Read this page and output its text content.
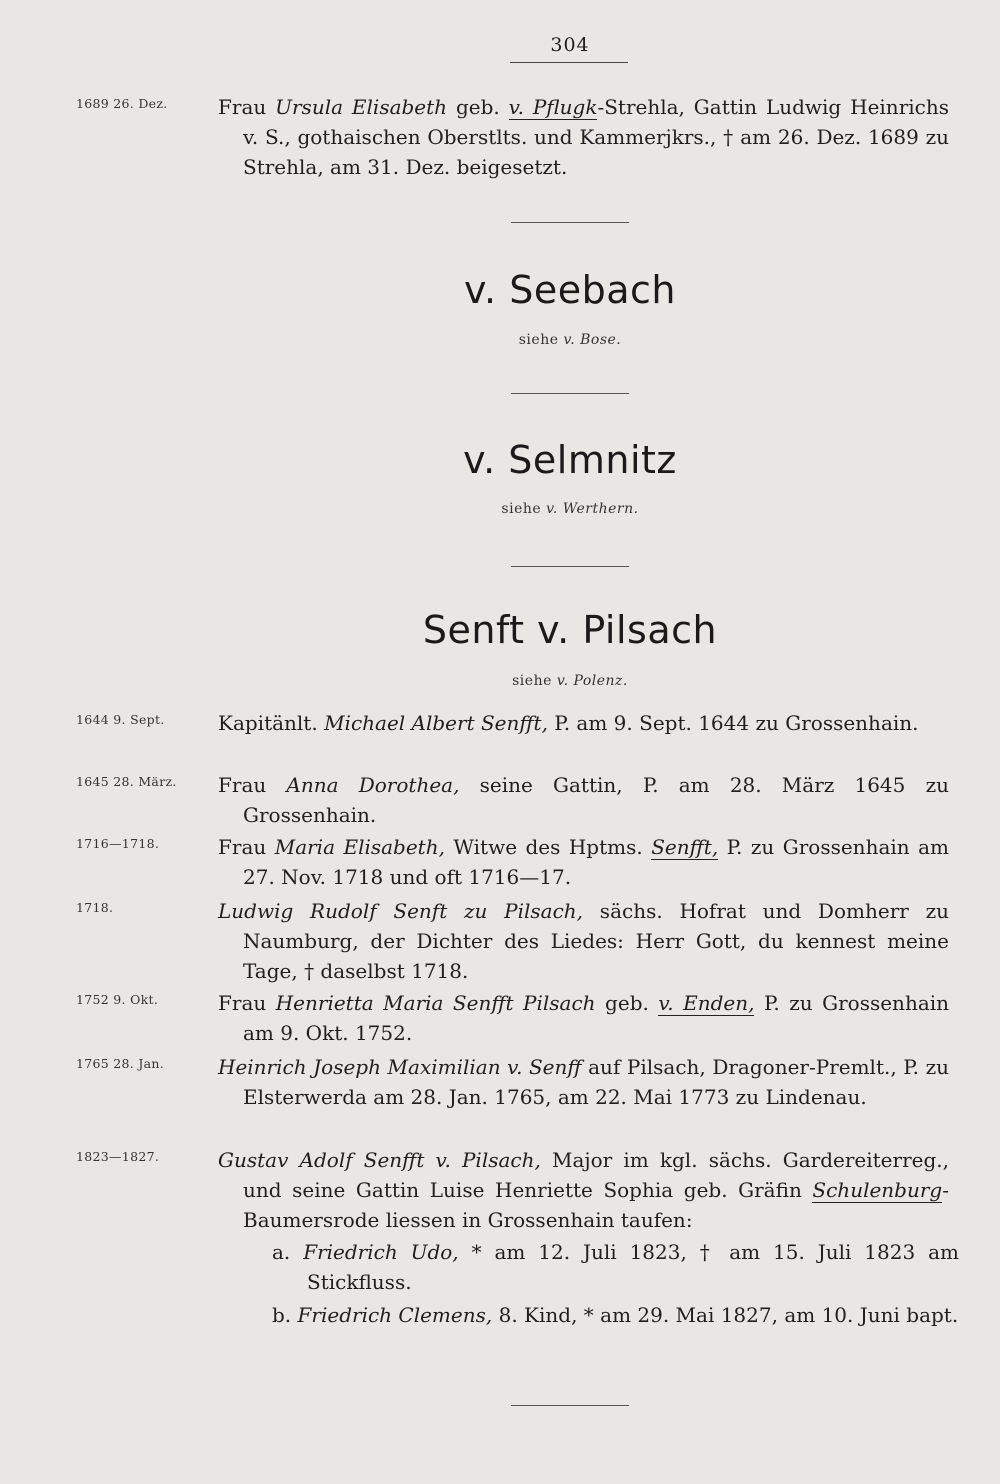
304
1689 26. Dez.	Frau Ursula Elisabeth geb. v. Pflugk-Strehla, Gattin Ludwig Heinrichs v. S., gothaischen Oberstlts. und Kammerjkrs., † am 26. Dez. 1689 zu Strehla, am 31. Dez. beigesetzt.
v. Seebach
siehe v. Bose.
v. Selmnitz
siehe v. Werthern.
Senft v. Pilsach
siehe v. Polenz.
1644 9. Sept.	Kapitänlt. Michael Albert Senfft, P. am 9. Sept. 1644 zu Grossenhain.
1645 28. März. Frau Anna Dorothea, seine Gattin, P. am 28. März 1645 zu Grossenhain.
1716—1718.	Frau Maria Elisabeth, Witwe des Hptms. Senfft, P. zu Grossenhain am 27. Nov. 1718 und oft 1716—17.
1718.	Ludwig Rudolf Senft zu Pilsach, sächs. Hofrat und Domherr zu Naumburg, der Dichter des Liedes: Herr Gott, du kennest meine Tage, † daselbst 1718.
1752 9. Okt.	Frau Henrietta Maria Senfft Pilsach geb. v. Enden, P. zu Grossenhain am 9. Okt. 1752.
1765 28. Jan.	Heinrich Joseph Maximilian v. Senff auf Pilsach, Dragoner-Premlt., P. zu Elsterwerda am 28. Jan. 1765, am 22. Mai 1773 zu Lindenau.
1823—1827.	Gustav Adolf Senfft v. Pilsach, Major im kgl. sächs. Gardereiterreg., und seine Gattin Luise Henriette Sophia geb. Gräfin Schulenburg-Baumersrode liessen in Grossenhain taufen:
a. Friedrich Udo, * am 12. Juli 1823, † am 15. Juli 1823 am Stickfluss.
b. Friedrich Clemens, 8. Kind, * am 29. Mai 1827, am 10. Juni bapt.
